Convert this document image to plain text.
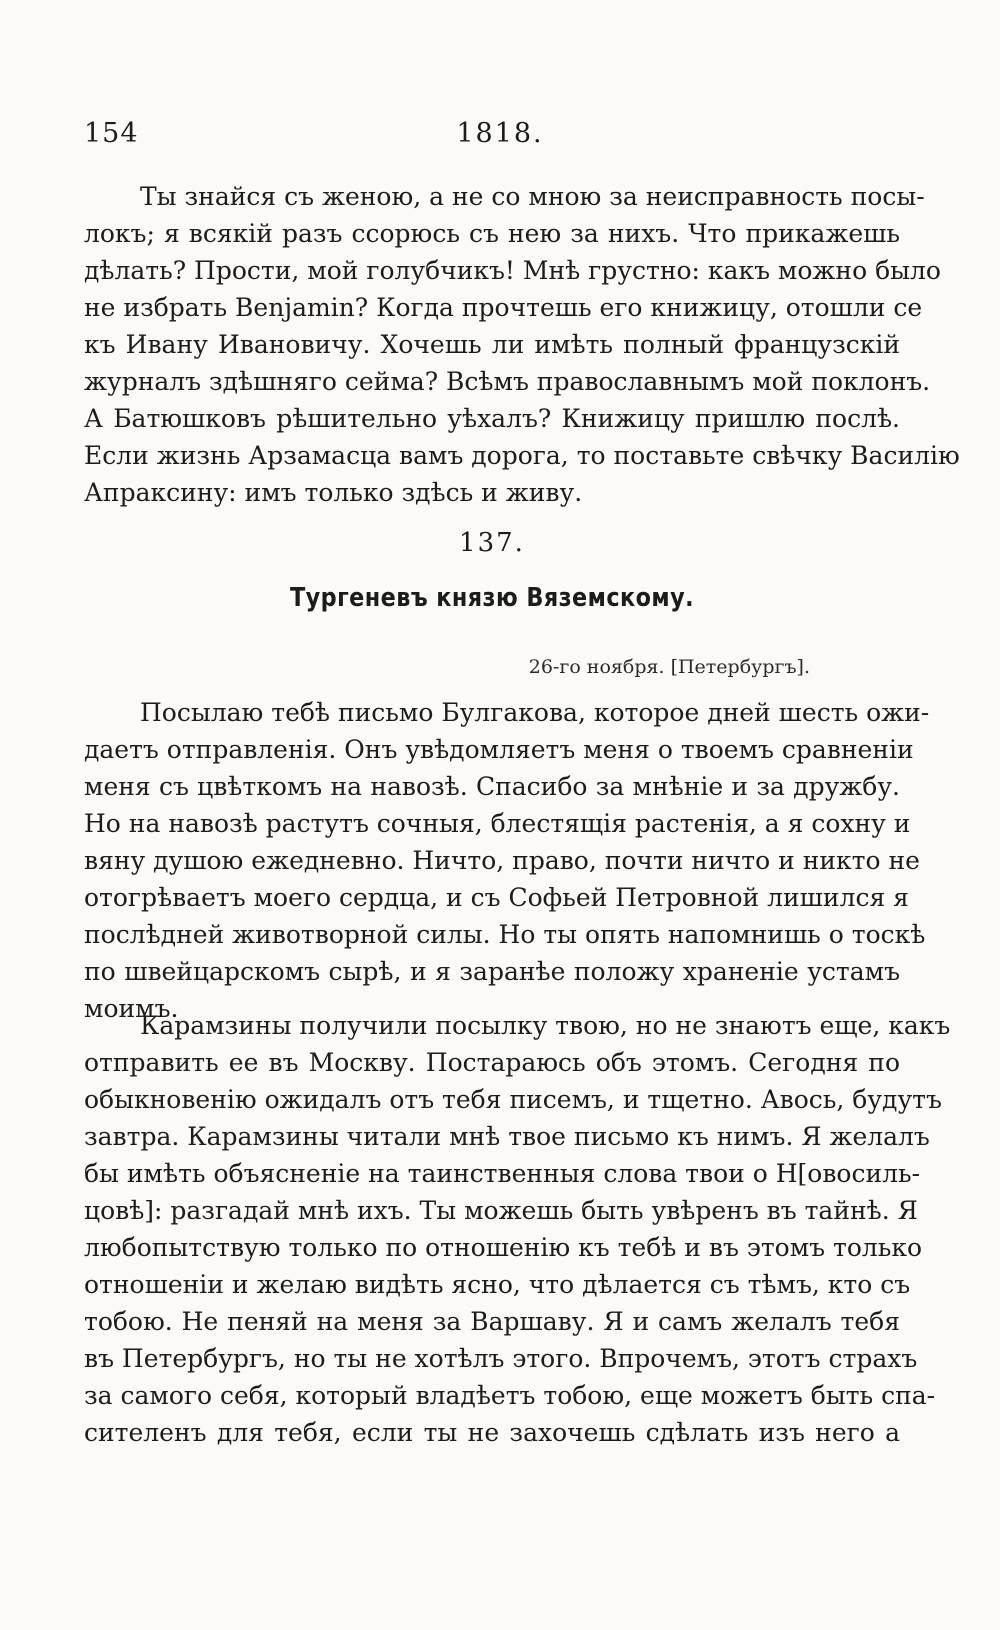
154	1818.
Ты знайся съ женою, а не со мною за неисправность посы-
локъ; я всякій разъ ссорюсь съ нею за нихъ. Что прикажешь
дѣлать? Прости, мой голубчикъ! Мнѣ грустно: какъ можно было
не избрать Benjamin? Когда прочтешь его книжицу, отошли се
къ Ивану Ивановичу. Хочешь ли имѣть полный французскій
журналъ здѣшняго сейма? Всѣмъ православнымъ мой поклонъ.
А Батюшковъ рѣшительно уѣхалъ? Книжицу пришлю послѣ.
Если жизнь Арзамасца вамъ дорога, то поставьте свѣчку Василію
Апраксину: имъ только здѣсь и живу.
137.
Тургеневъ князю Вяземскому.
26-го ноября. [Петербургъ].
Посылаю тебѣ письмо Булгакова, которое дней шесть ожи-
даетъ отправленія. Онъ увѣдомляетъ меня о твоемъ сравненіи
меня съ цвѣткомъ на навозѣ. Спасибо за мнѣніе и за дружбу.
Но на навозѣ растутъ сочныя, блестящія растенія, а я сохну и
вяну душою ежедневно. Ничто, право, почти ничто и никто не
отогрѣваетъ моего сердца, и съ Софьей Петровной лишился я
послѣдней животворной силы. Но ты опять напомнишь о тоскѣ
по швейцарскомъ сырѣ, и я заранѣе положу храненіе устамъ
моимъ.
Карамзины получили посылку твою, но не знаютъ еще, какъ
отправить ее въ Москву. Постараюсь объ этомъ. Сегодня по
обыкновенію ожидалъ отъ тебя писемъ, и тщетно. Авось, будутъ
завтра. Карамзины читали мнѣ твое письмо къ нимъ. Я желалъ
бы имѣть объясненіе на таинственныя слова твои о Н[овосиль-
цовѣ]: разгадай мнѣ ихъ. Ты можешь быть увѣренъ въ тайнѣ. Я
любопытствую только по отношенію къ тебѣ и въ этомъ только
отношеніи и желаю видѣть ясно, что дѣлается съ тѣмъ, кто съ
тобою. Не пеняй на меня за Варшаву. Я и самъ желалъ тебя
въ Петербургъ, но ты не хотѣлъ этого. Впрочемъ, этотъ страхъ
за самого себя, который владѣетъ тобою, еще можетъ быть спа-
сителенъ для тебя, если ты не захочешь сдѣлать изъ него а
